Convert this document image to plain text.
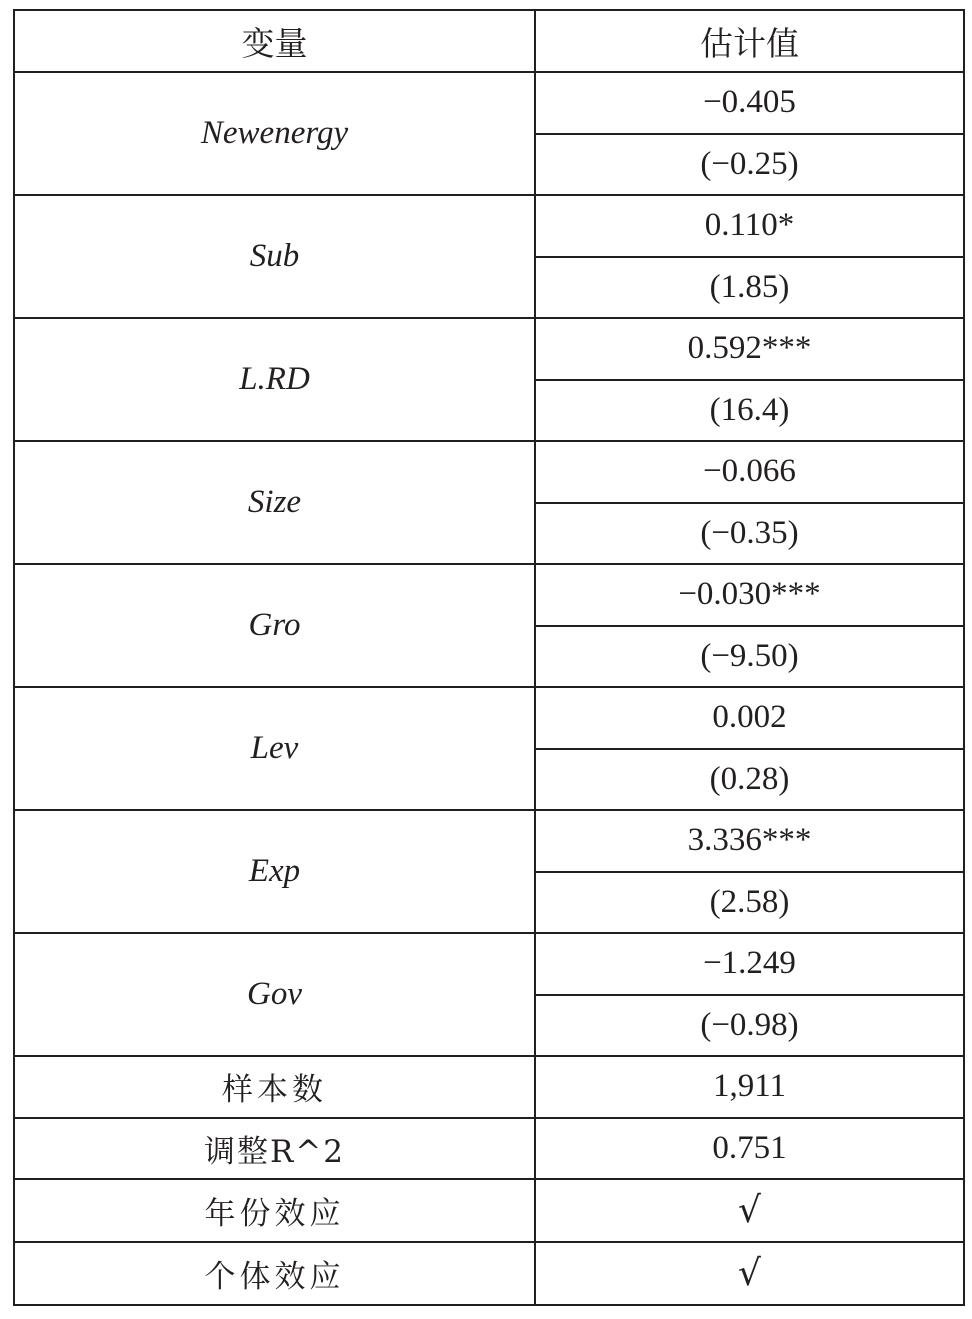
变量	估计值
Newenergy	−0.405
	(−0.25)
Sub	0.110*
	(1.85)
L.RD	0.592***
	(16.4)
Size	−0.066
	(−0.35)
Gro	−0.030***
	(−9.50)
Lev	0.002
	(0.28)
Exp	3.336***
	(2.58)
Gov	−1.249
	(−0.98)
样本数	1,911
调整R^2	0.751
年份效应	√
个体效应	√
